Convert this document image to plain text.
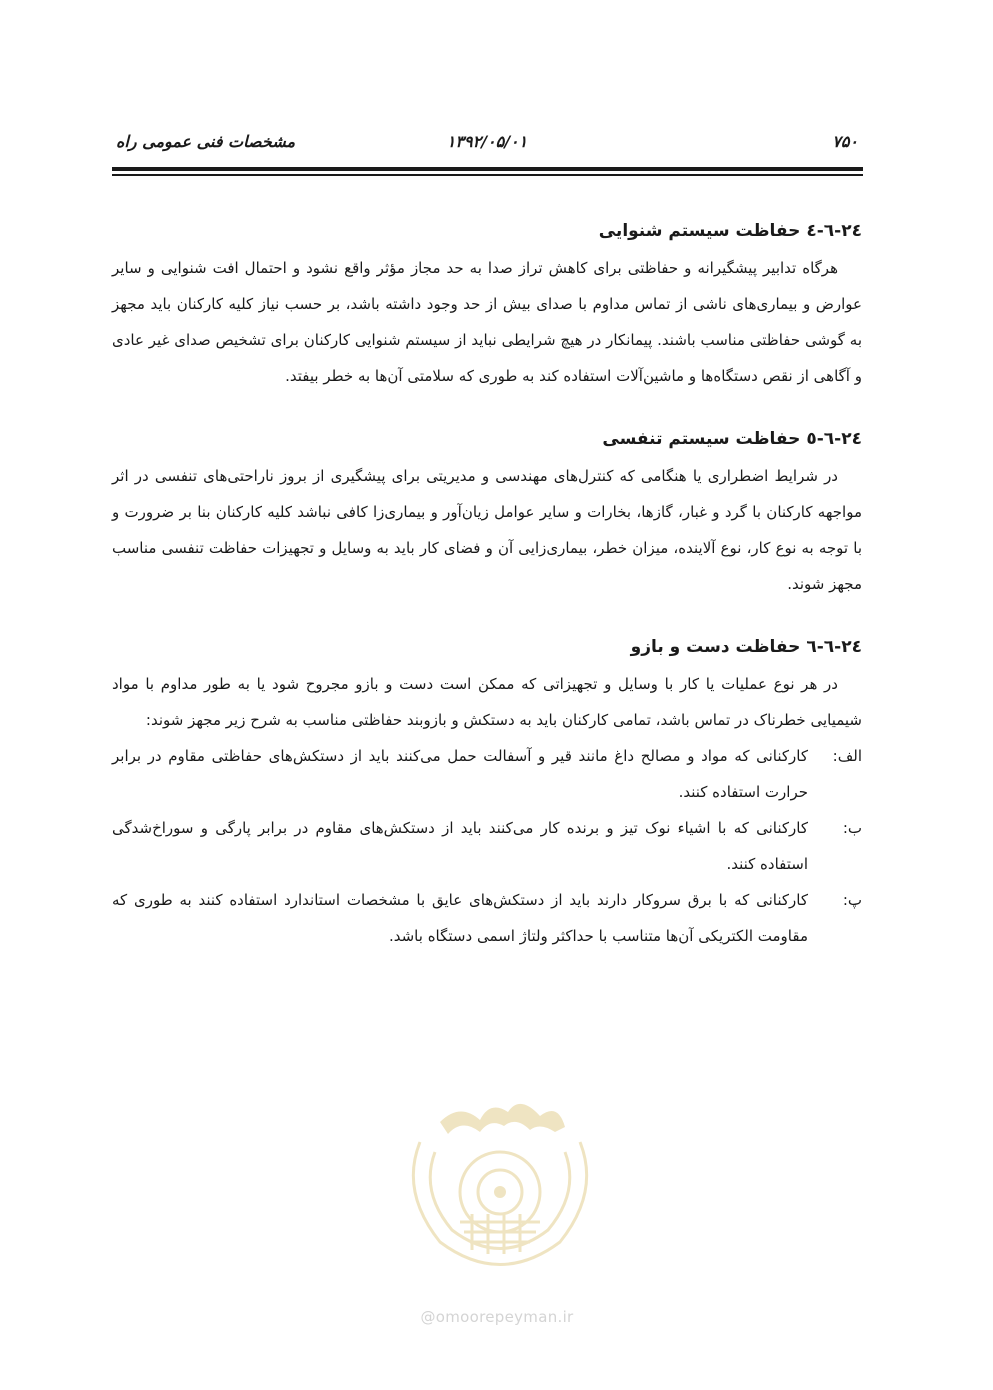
۷۵۰
۱۳۹۲/۰۵/۰۱
مشخصات فنی عمومی راه
۲٤-٦-٤ حفاظت سیستم شنوایی

هرگاه تدابیر پیشگیرانه و حفاظتی برای کاهش تراز صدا به حد مجاز مؤثر واقع نشود و احتمال افت شنوایی و سایر عوارض و بیماری‌های ناشی از تماس مداوم با صدای بیش از حد وجود داشته باشد، بر حسب نیاز کلیه کارکنان باید مجهز به گوشی حفاظتی مناسب باشند. پیمانکار در هیچ شرایطی نباید از سیستم شنوایی کارکنان برای تشخیص صدای غیر عادی و آگاهی از نقص دستگاه‌ها و ماشین‌آلات استفاده کند به طوری که سلامتی آن‌ها به خطر بیفتد.

۲٤-٦-٥ حفاظت سیستم تنفسی

در شرایط اضطراری یا هنگامی که کنترل‌های مهندسی و مدیریتی برای پیشگیری از بروز ناراحتی‌های تنفسی در اثر مواجهه کارکنان با گرد و غبار، گازها، بخارات و سایر عوامل زیان‌آور و بیماری‌زا کافی نباشد کلیه کارکنان بنا بر ضرورت و با توجه به نوع کار، نوع آلاینده، میزان خطر، بیماری‌زایی آن و فضای کار باید به وسایل و تجهیزات حفاظت تنفسی مناسب مجهز شوند.

۲٤-٦-٦ حفاظت دست و بازو

در هر نوع عملیات یا کار با وسایل و تجهیزاتی که ممکن است دست و بازو مجروح شود یا به طور مداوم با مواد شیمیایی خطرناک در تماس باشد، تمامی کارکنان باید به دستکش و بازوبند حفاظتی مناسب به شرح زیر مجهز شوند:

الف:
کارکنانی که مواد و مصالح داغ مانند قیر و آسفالت حمل می‌کنند باید از دستکش‌های حفاظتی مقاوم در برابر حرارت استفاده کنند.
ب:
کارکنانی که با اشیاء نوک تیز و برنده کار می‌کنند باید از دستکش‌های مقاوم در برابر پارگی و سوراخ‌شدگی استفاده کنند.
پ:
کارکنانی که با برق سروکار دارند باید از دستکش‌های عایق با مشخصات استاندارد استفاده کنند به طوری که مقاومت الکتریکی آن‌ها متناسب با حداکثر ولتاژ اسمی دستگاه باشد.
@omoorepeyman.ir
